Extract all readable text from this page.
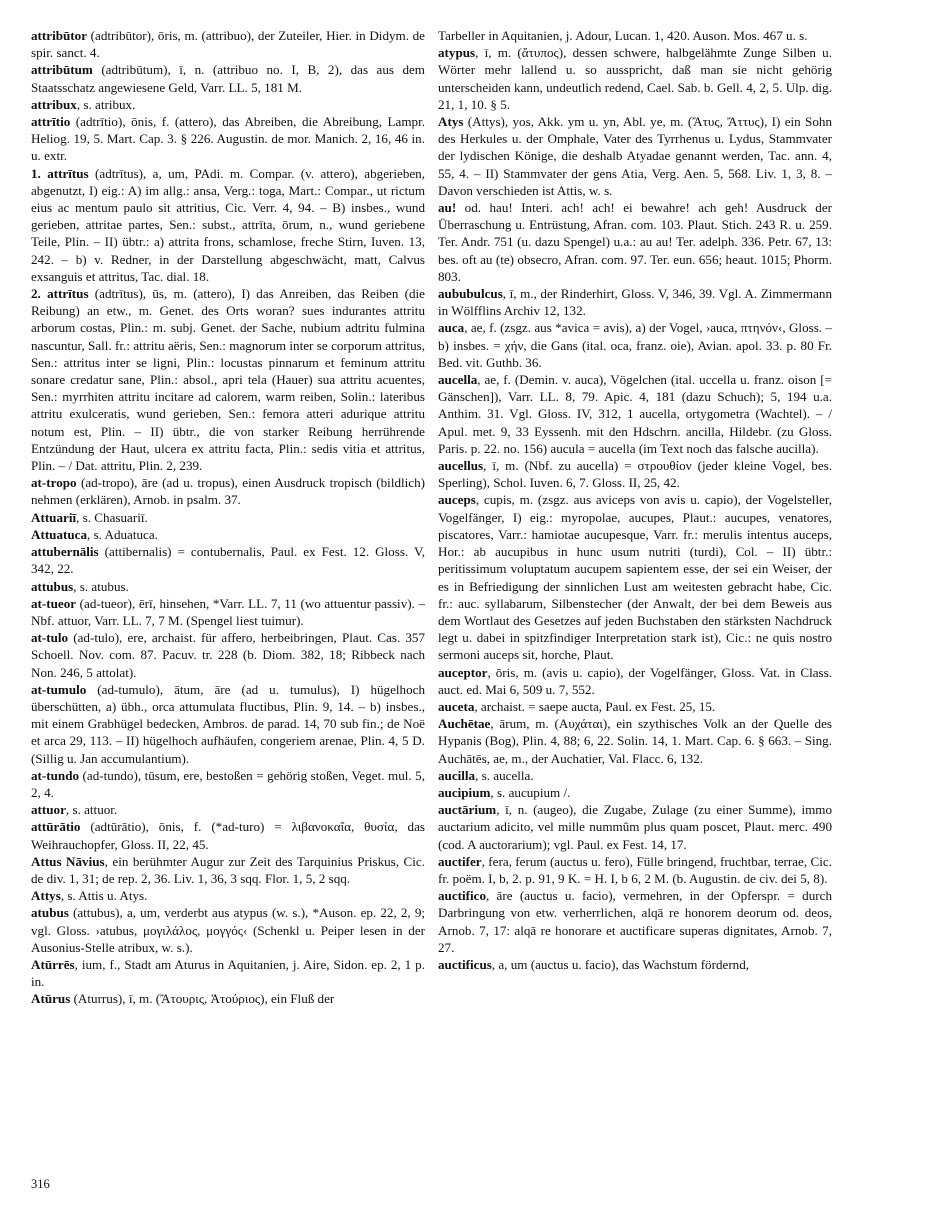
attribūtor (adtribūtor), ōris, m. (attribuo), der Zuteiler, Hier. in Didym. de spir. sanct. 4.
attribūtum (adtribūtum), ī, n. (attribuo no. I, B, 2), das aus dem Staatsschatz angewiesene Geld, Varr. LL. 5, 181 M.
attribux, s. atribux.
attrītio (adtrītio), ōnis, f. (attero), das Abreiben, die Abreibung, Lampr. Heliog. 19, 5. Mart. Cap. 3. § 226. Augustin. de mor. Manich. 2, 16, 46 in. u. extr.
1. attrītus (adtrītus), a, um, PAdi. m. Compar. (v. attero), abgerieben, abgenutzt, I) eig.: A) im allg.: ansa, Verg.: toga, Mart.: Compar., ut rictum eius ac mentum paulo sit attritius, Cic. Verr. 4, 94. – B) insbes., wund gerieben, attritae partes, Sen.: subst., attrīta, ōrum, n., wund geriebene Teile, Plin. – II) übtr.: a) attrita frons, schamlose, freche Stirn, Iuven. 13, 242. – b) v. Redner, in der Darstellung abgeschwächt, matt, Calvus exsanguis et attritus, Tac. dial. 18.
2. attrītus (adtrītus), ūs, m. (attero), I) das Anreiben, das Reiben (die Reibung) an etw., m. Genet. des Orts woran? sues indurantes attritu arborum costas, Plin.: m. subj. Genet. der Sache, nubium adtritu fulmina nascuntur, Sall. fr.: attritu aëris, Sen.: magnorum inter se corporum attritus, Sen.: attritus inter se ligni, Plin.: locustas pinnarum et feminum attritu sonare credatur sane, Plin.: absol., apri tela (Hauer) sua attritu acuentes, Sen.: myrrhiten attritu incitare ad calorem, warm reiben, Solin.: lateribus attritu exulceratis, wund gerieben, Sen.: femora atteri adurique attritu notum est, Plin. – II) übtr., die von starker Reibung herrührende Entzündung der Haut, ulcera ex attritu facta, Plin.: sedis vitia et attritus, Plin. – / Dat. attritu, Plin. 2, 239.
at-tropo (ad-tropo), āre (ad u. tropus), einen Ausdruck tropisch (bildlich) nehmen (erklären), Arnob. in psalm. 37.
Attuariī, s. Chasuariī.
Attuatuca, s. Aduatuca.
attubernālis (attibernalis) = contubernalis, Paul. ex Fest. 12. Gloss. V, 342, 22.
attubus, s. atubus.
at-tueor (ad-tueor), ērī, hinsehen, *Varr. LL. 7, 11 (wo attuentur passiv). – Nbf. attuor, Varr. LL. 7, 7 M. (Spengel liest tuimur).
at-tulo (ad-tulo), ere, archaist. für affero, herbeibringen, Plaut. Cas. 357 Schoell. Nov. com. 87. Pacuv. tr. 228 (b. Diom. 382, 18; Ribbeck nach Non. 246, 5 attolat).
at-tumulo (ad-tumulo), ātum, āre (ad u. tumulus), I) hügelhoch überschütten, a) übh., orca attumulata fluctibus, Plin. 9, 14. – b) insbes., mit einem Grabhügel bedecken, Ambros. de parad. 14, 70 sub fin.; de Noë et arca 29, 113. – II) hügelhoch aufhäufen, congeriem arenae, Plin. 4, 5 D. (Sillig u. Jan accumulantium).
at-tundo (ad-tundo), tūsum, ere, bestoßen = gehörig stoßen, Veget. mul. 5, 2, 4.
attuor, s. attuor.
attūrātio (adtūrātio), ōnis, f. (*ad-turo) = λιβανοκαΐα, θυσία, das Weihrauchopfer, Gloss. II, 22, 45.
Attus Nāvius, ein berühmter Augur zur Zeit des Tarquinius Priskus, Cic. de div. 1, 31; de rep. 2, 36. Liv. 1, 36, 3 sqq. Flor. 1, 5, 2 sqq.
Attys, s. Attis u. Atys.
atubus (attubus), a, um, verderbt aus atypus (w. s.), *Auson. ep. 22, 2, 9; vgl. Gloss. ›atubus, μογιλάλος, μογγός‹ (Schenkl u. Peiper lesen in der Ausonius-Stelle atribux, w. s.).
Atūrrēs, ium, f., Stadt am Aturus in Aquitanien, j. Aire, Sidon. ep. 2, 1 p. in.
Atūrus (Aturrus), ī, m. (Ἄτουρις, Ἀτούριος), ein Fluß der
Tarbeller in Aquitanien, j. Adour, Lucan. 1, 420. Auson. Mos. 467 u. s.
atypus, ī, m. (ἄτυπος), dessen schwere, halbgelähmte Zunge Silben u. Wörter mehr lallend u. so ausspricht, daß man sie nicht gehörig unterscheiden kann, undeutlich redend, Cael. Sab. b. Gell. 4, 2, 5. Ulp. dig. 21, 1, 10. § 5.
Atys (Attys), yos, Akk. ym u. yn, Abl. ye, m. (Ἄτυς, Ἄττυς), I) ein Sohn des Herkules u. der Omphale, Vater des Tyrrhenus u. Lydus, Stammvater der lydischen Könige, die deshalb Atyadae genannt werden, Tac. ann. 4, 55, 4. – II) Stammvater der gens Atia, Verg. Aen. 5, 568. Liv. 1, 3, 8. – Davon verschieden ist Attis, w. s.
au! od. hau! Interi. ach! ach! ei bewahre! ach geh! Ausdruck der Überraschung u. Entrüstung, Afran. com. 103. Plaut. Stich. 243 R. u. 259. Ter. Andr. 751 (u. dazu Spengel) u.a.: au au! Ter. adelph. 336. Petr. 67, 13: bes. oft au (te) obsecro, Afran. com. 97. Ter. eun. 656; heaut. 1015; Phorm. 803.
aububulcus, ī, m., der Rinderhirt, Gloss. V, 346, 39. Vgl. A. Zimmermann in Wölfflins Archiv 12, 132.
auca, ae, f. (zsgz. aus *avica = avis), a) der Vogel, ›auca, πτηνόν‹, Gloss. – b) insbes. = χήν, die Gans (ital. oca, franz. oie), Avian. apol. 33. p. 80 Fr. Bed. vit. Guthb. 36.
aucella, ae, f. (Demin. v. auca), Vögelchen (ital. uccella u. franz. oison [= Gänschen]), Varr. LL. 8, 79. Apic. 4, 181 (dazu Schuch); 5, 194 u.a. Anthim. 31. Vgl. Gloss. IV, 312, 1 aucella, ortygometra (Wachtel). – / Apul. met. 9, 33 Eyssenh. mit den Hdschrn. ancilla, Hildebr. (zu Gloss. Paris. p. 22. no. 156) aucula = aucella (im Text noch das falsche aucilla).
aucellus, ī, m. (Nbf. zu aucella) = στρουθίον (jeder kleine Vogel, bes. Sperling), Schol. Iuven. 6, 7. Gloss. II, 25, 42.
auceps, cupis, m. (zsgz. aus aviceps von avis u. capio), der Vogelsteller, Vogelfänger, I) eig.: myropolae, aucupes, Plaut.: aucupes, venatores, piscatores, Varr.: hamiotae aucupesque, Varr. fr.: merulis intentus auceps, Hor.: ab aucupibus in hunc usum nutriti (turdi), Col. – II) übtr.: peritissimum voluptatum aucupem sapientem esse, der sei ein Weiser, der es in Befriedigung der sinnlichen Lust am weitesten gebracht habe, Cic. fr.: auc. syllabarum, Silbenstecher (der Anwalt, der bei dem Beweis aus dem Wortlaut des Gesetzes auf jeden Buchstaben den stärksten Nachdruck legt u. dabei in spitzfindiger Interpretation stark ist), Cic.: ne quis nostro sermoni auceps sit, horche, Plaut.
auceptor, ōris, m. (avis u. capio), der Vogelfänger, Gloss. Vat. in Class. auct. ed. Mai 6, 509 u. 7, 552.
auceta, archaist. = saepe aucta, Paul. ex Fest. 25, 15.
Auchētae, ārum, m. (Αυχάται), ein szythisches Volk an der Quelle des Hypanis (Bog), Plin. 4, 88; 6, 22. Solin. 14, 1. Mart. Cap. 6. § 663. – Sing. Auchātēs, ae, m., der Auchatier, Val. Flacc. 6, 132.
aucilla, s. aucella.
aucipium, s. aucupium /.
auctārium, ī, n. (augeo), die Zugabe, Zulage (zu einer Summe), immo auctarium adicito, vel mille nummûm plus quam poscet, Plaut. merc. 490 (cod. A auctorarium); vgl. Paul. ex Fest. 14, 17.
auctifer, fera, ferum (auctus u. fero), Fülle bringend, fruchtbar, terrae, Cic. fr. poëm. I, b, 2. p. 91, 9 K. = H. I, b 6, 2 M. (b. Augustin. de civ. dei 5, 8).
auctifico, āre (auctus u. facio), vermehren, in der Opferspr. = durch Darbringung von etw. verherrlichen, alqā re honorem deorum od. deos, Arnob. 7, 17: alqā re honorare et auctificare superas dignitates, Arnob. 7, 27.
auctificus, a, um (auctus u. facio), das Wachstum fördernd,
316
